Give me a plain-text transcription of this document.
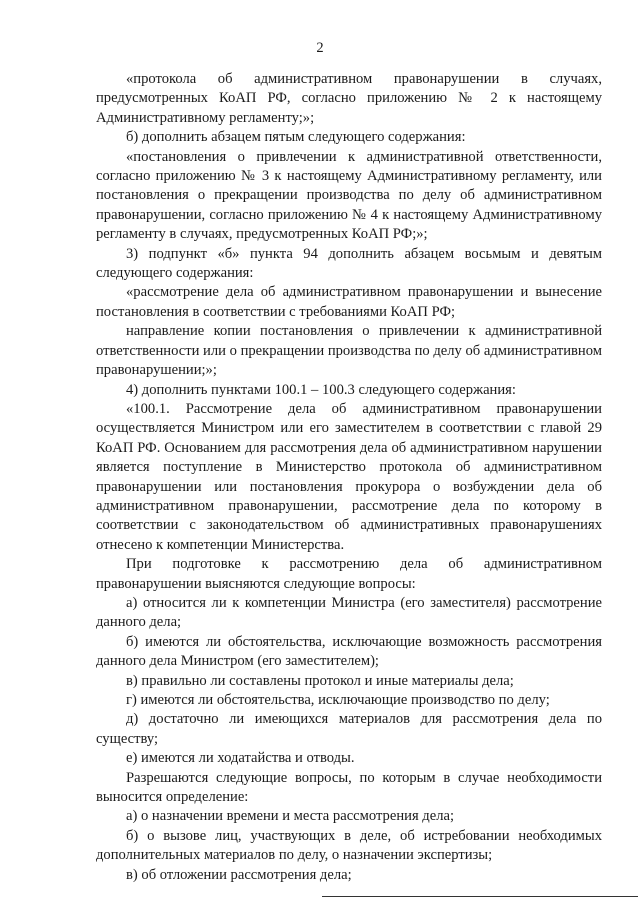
2

«протокола об административном правонарушении в случаях, предусмотренных КоАП РФ, согласно приложению № 2 к настоящему Административному регламенту;»;

б) дополнить абзацем пятым следующего содержания:

«постановления о привлечении к административной ответственности, согласно приложению № 3 к настоящему Административному регламенту, или постановления о прекращении производства по делу об административном правонарушении, согласно приложению № 4 к настоящему Административному регламенту в случаях, предусмотренных КоАП РФ;»;

3) подпункт «б» пункта 94 дополнить абзацем восьмым и девятым следующего содержания:

«рассмотрение дела об административном правонарушении и вынесение постановления в соответствии с требованиями КоАП РФ;

направление копии постановления о привлечении к административной ответственности или о прекращении производства по делу об административном правонарушении;»;

4) дополнить пунктами 100.1 – 100.3 следующего содержания:

«100.1. Рассмотрение дела об административном правонарушении осуществляется Министром или его заместителем в соответствии с главой 29 КоАП РФ. Основанием для рассмотрения дела об административном нарушении является поступление в Министерство протокола об административном правонарушении или постановления прокурора о возбуждении дела об административном правонарушении, рассмотрение дела по которому в соответствии с законодательством об административных правонарушениях отнесено к компетенции Министерства.

При подготовке к рассмотрению дела об административном правонарушении выясняются следующие вопросы:

а) относится ли к компетенции Министра (его заместителя) рассмотрение данного дела;

б) имеются ли обстоятельства, исключающие возможность рассмотрения данного дела Министром (его заместителем);

в) правильно ли составлены протокол и иные материалы дела;

г) имеются ли обстоятельства, исключающие производство по делу;

д) достаточно ли имеющихся материалов для рассмотрения дела по существу;

е) имеются ли ходатайства и отводы.

Разрешаются следующие вопросы, по которым в случае необходимости выносится определение:

а) о назначении времени и места рассмотрения дела;

б) о вызове лиц, участвующих в деле, об истребовании необходимых дополнительных материалов по делу, о назначении экспертизы;

в) об отложении рассмотрения дела;
